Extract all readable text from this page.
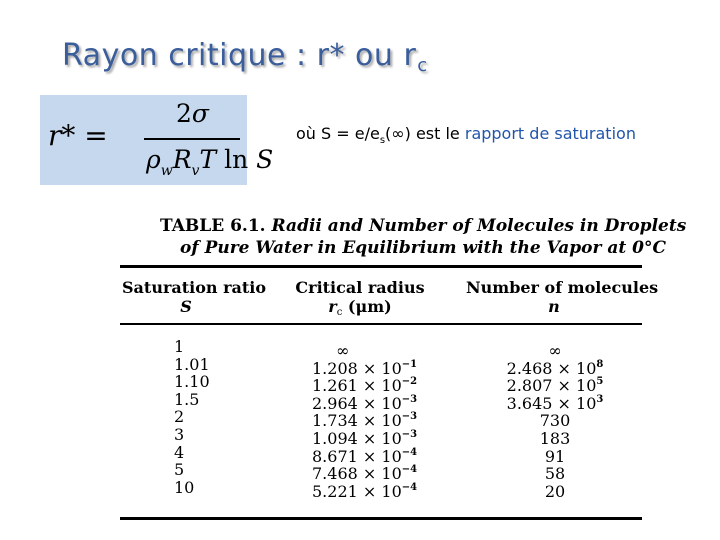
Rayon critique : r* ou $r_c$
r* =
2σ
$\rho_wR_vT$ ln S
où $S = e/e_s(\infty)$ est le rapport de saturation
TABLE 6.1. Radii and Number of Molecules in Droplets
of Pure Water in Equilibrium with the Vapor at 0°C
Saturation ratio
S
Critical radius
rc (μm)
Number of molecules
n
1
1.01
1.10
1.5
2
3
4
5
10
∞
$1.208 \times 10^{-1}$
$1.261 \times 10^{-2}$
$2.964 \times 10^{-3}$
$1.734 \times 10^{-3}$
$1.094 \times 10^{-3}$
$8.671 \times 10^{-4}$
$7.468 \times 10^{-4}$
$5.221 \times 10^{-4}$
∞
$2.468 \times 10^8$
$2.807 \times 10^5$
$3.645 \times 10^3$
730
183
91
58
20
